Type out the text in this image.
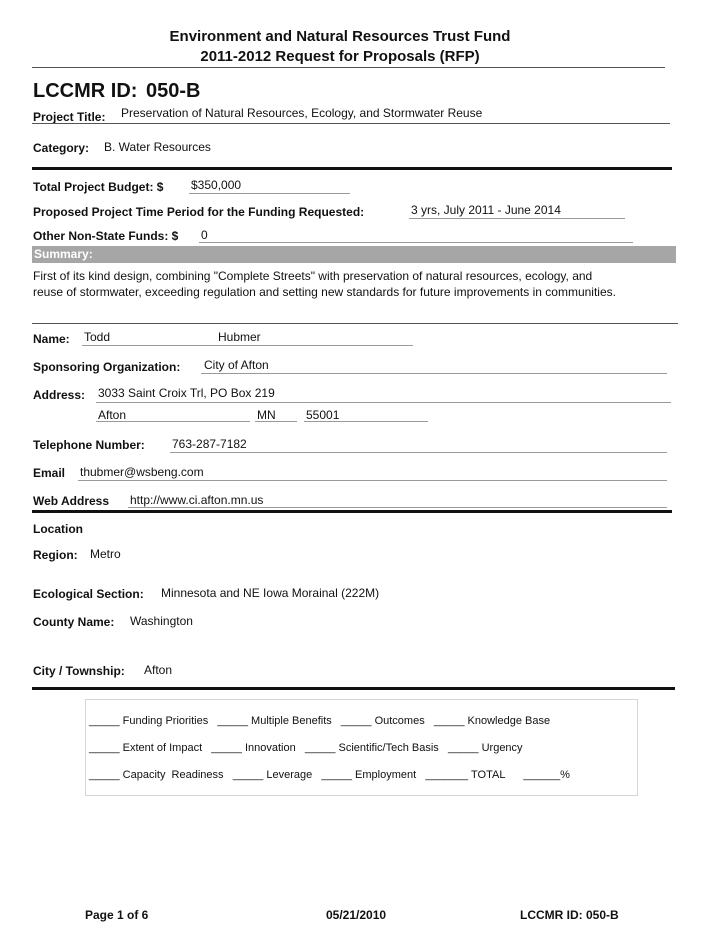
Environment and Natural Resources Trust Fund
2011-2012 Request for Proposals (RFP)
LCCMR ID: 050-B
Project Title: Preservation of Natural Resources, Ecology, and Stormwater Reuse
Category: B. Water Resources
Total Project Budget: $ $350,000
Proposed Project Time Period for the Funding Requested:	3 yrs, July 2011 - June 2014
Other Non-State Funds: $ 0
Summary:
First of its kind design, combining "Complete Streets" with preservation of natural resources, ecology, and
reuse of stormwater, exceeding regulation and setting new standards for future improvements in communities.
Name: Todd	Hubmer
Sponsoring Organization: City of Afton
Address: 3033 Saint Croix Trl, PO Box 219
Afton	MN	55001
Telephone Number: 763-287-7182
Email thubmer@wsbeng.com
Web Address http://www.ci.afton.mn.us
Location
Region: Metro
Ecological Section: Minnesota and NE Iowa Morainal (222M)
County Name: Washington
City / Township: Afton
_____ Funding Priorities   _____ Multiple Benefits   _____ Outcomes   _____ Knowledge Base
_____ Extent of Impact   _____ Innovation   _____ Scientific/Tech Basis   _____ Urgency
_____ Capacity  Readiness   _____ Leverage   _____ Employment   _______ TOTAL      ______%
Page 1 of 6	05/21/2010	LCCMR ID: 050-B
